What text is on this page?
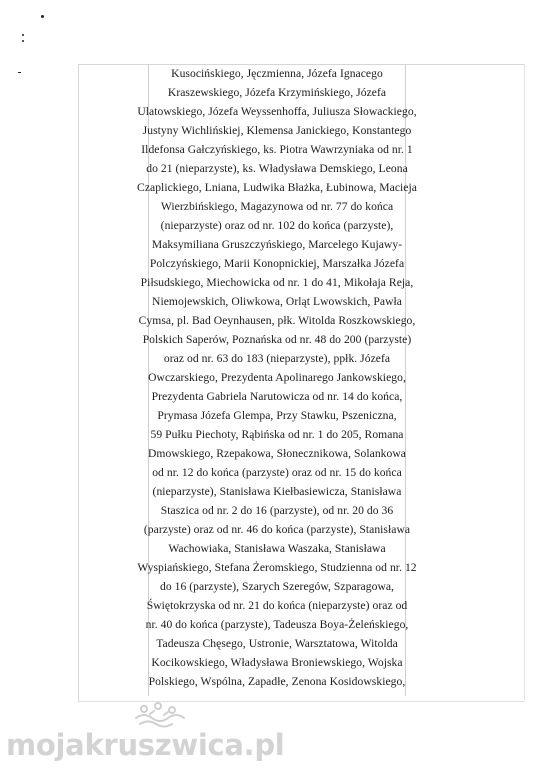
Kusocińskiego, Jęczmienna, Józefa Ignacego
Kraszewskiego, Józefa Krzymińskiego, Józefa
Ulatowskiego, Józefa Weyssenhoffa, Juliusza Słowackiego,
Justyny Wichlińskiej, Klemensa Janickiego, Konstantego
Ildefonsa Gałczyńskiego, ks. Piotra Wawrzyniaka od nr. 1
do 21 (nieparzyste), ks. Władysława Demskiego, Leona
Czaplickiego, Lniana, Ludwika Błażka, Łubinowa, Macieja
Wierzbińskiego, Magazynowa od nr. 77 do końca
(nieparzyste) oraz od nr. 102 do końca (parzyste),
Maksymiliana Gruszczyńskiego, Marcelego Kujawy-
Polczyńskiego, Marii Konopnickiej, Marszałka Józefa
Piłsudskiego, Miechowicka od nr. 1 do 41, Mikołaja Reja,
Niemojewskich, Oliwkowa, Orląt Lwowskich, Pawła
Cymsa, pl. Bad Oeynhausen, płk. Witolda Roszkowskiego,
Polskich Saperów, Poznańska od nr. 48 do 200 (parzyste)
oraz od nr. 63 do 183 (nieparzyste), ppłk. Józefa
Owczarskiego, Prezydenta Apolinarego Jankowskiego,
Prezydenta Gabriela Narutowicza od nr. 14 do końca,
Prymasa Józefa Glempa, Przy Stawku, Pszeniczna,
59 Pułku Piechoty, Rąbińska od nr. 1 do 205, Romana
Dmowskiego, Rzepakowa, Słonecznikowa, Solankowa
od nr. 12 do końca (parzyste) oraz od nr. 15 do końca
(nieparzyste), Stanisława Kiełbasiewicza, Stanisława
Staszica od nr. 2 do 16 (parzyste), od nr. 20 do 36
(parzyste) oraz od nr. 46 do końca (parzyste), Stanisława
Wachowiaka, Stanisława Waszaka, Stanisława
Wyspiańskiego, Stefana Żeromskiego, Studzienna od nr. 12
do 16 (parzyste), Szarych Szeregów, Szparagowa,
Świętokrzyska od nr. 21 do końca (nieparzyste) oraz od
nr. 40 do końca (parzyste), Tadeusza Boya-Żeleńskiego,
Tadeusza Chęsego, Ustronie, Warsztatowa, Witolda
Kocikowskiego, Władysława Broniewskiego, Wojska
Polskiego, Wspólna, Zapadłe, Zenona Kosidowskiego,
mojakruszwica.pl
